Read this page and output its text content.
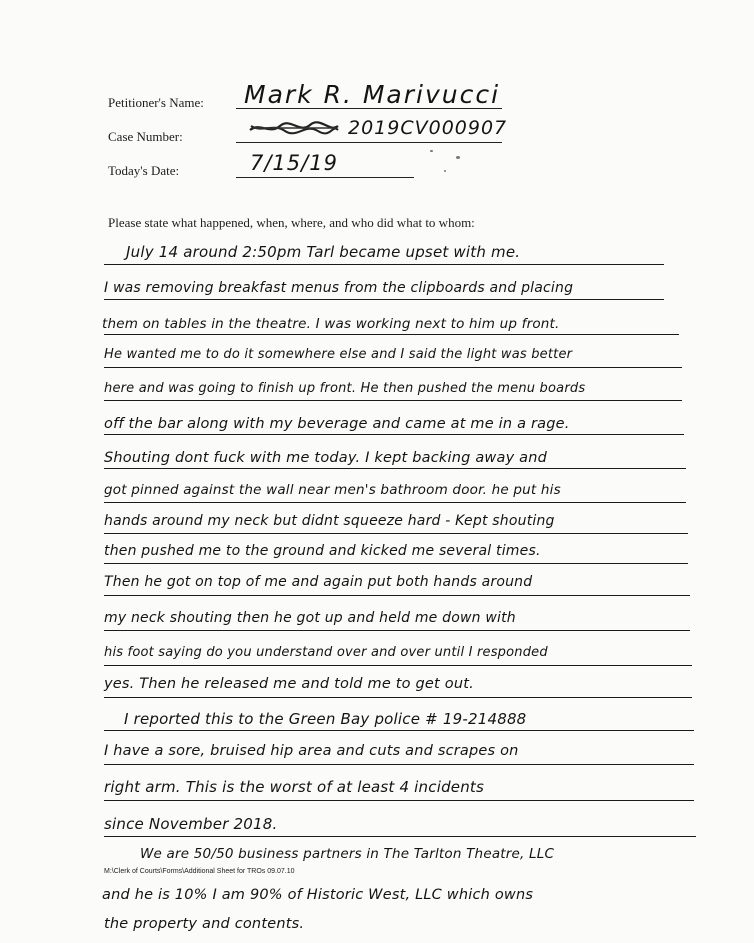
Petitioner's Name:
Case Number:
Today's Date:
Mark R. Marivucci
2019CV000907
7/15/19
Please state what happened, when, where, and who did what to whom:
July 14 around 2:50pm Tarl became upset with me.
I was removing breakfast menus from the clipboards and placing
them on tables in the theatre. I was working next to him up front.
He wanted me to do it somewhere else and I said the light was better
here and was going to finish up front. He then pushed the menu boards
off the bar along with my beverage and came at me in a rage.
Shouting dont fuck with me today. I kept backing away and
got pinned against the wall near men's bathroom door. he put his
hands around my neck but didnt squeeze hard - Kept shouting
then pushed me to the ground and kicked me several times.
Then he got on top of me and again put both hands around
my neck shouting then he got up and held me down with
his foot saying do you understand over and over until I responded
yes. Then he released me and told me to get out.
I reported this to the Green Bay police # 19-214888
I have a sore, bruised hip area and cuts and scrapes on
right arm. This is the worst of at least 4 incidents
since November 2018.
We are 50/50 business partners in The Tarlton Theatre, LLC
M:\Clerk of Courts\Forms\Additional Sheet for TROs 09.07.10
and he is 10% I am 90% of Historic West, LLC which owns
the property and contents.
